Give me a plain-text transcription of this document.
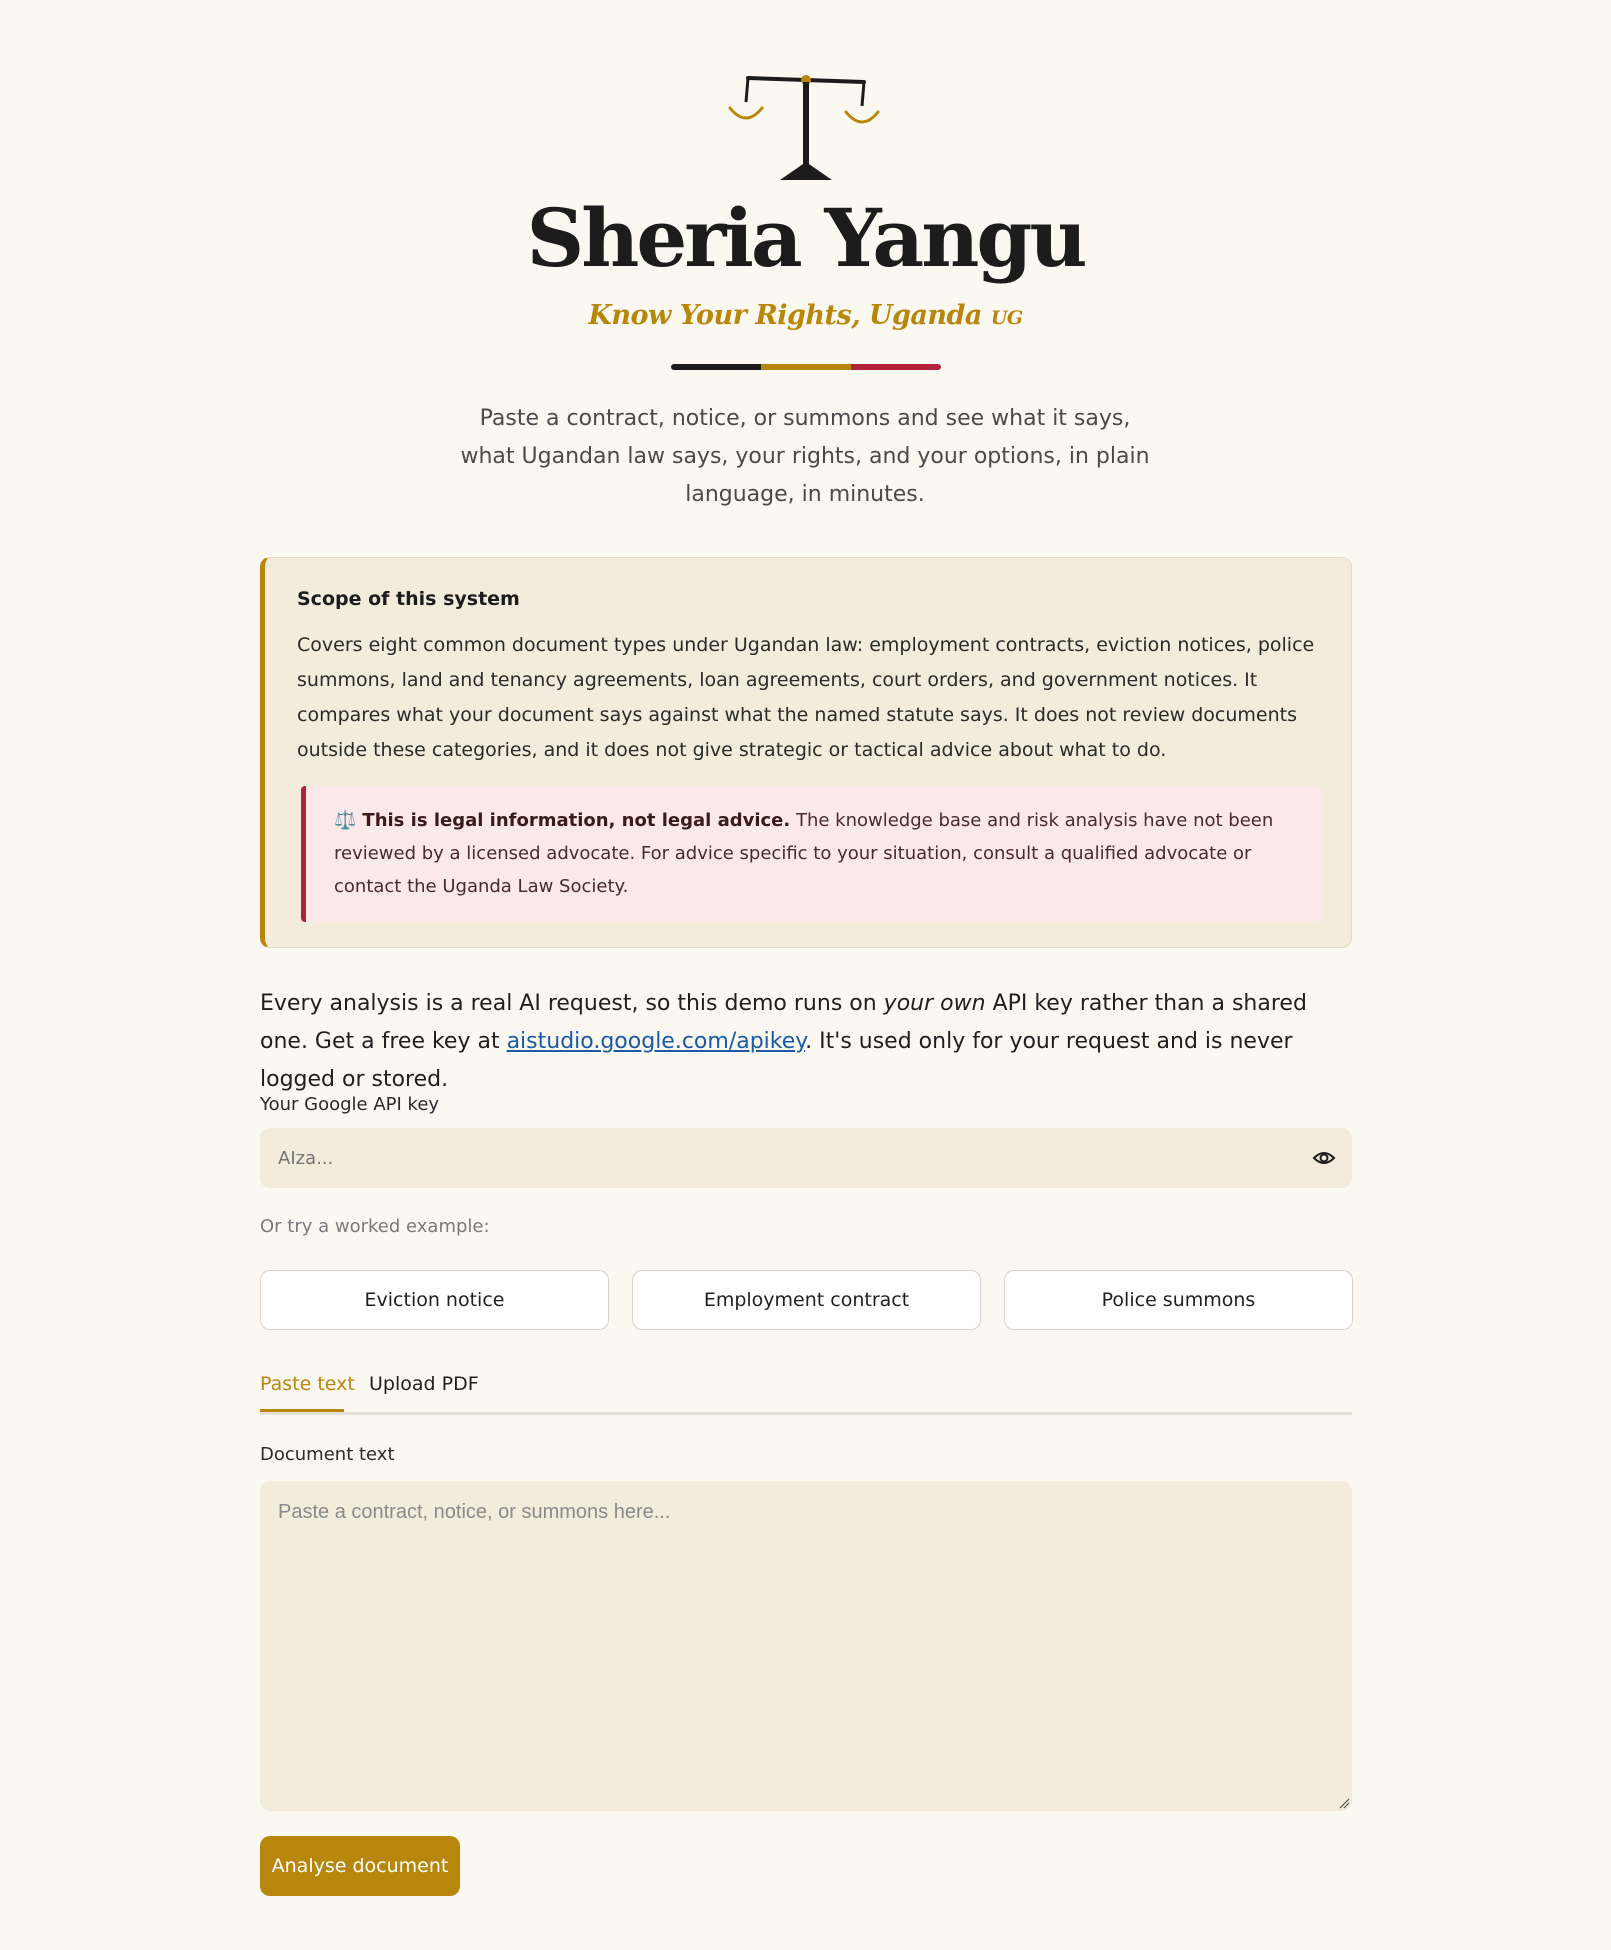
Sheria Yangu
Know Your Rights, Uganda UG
Paste a contract, notice, or summons and see what it says, what Ugandan law says, your rights, and your options, in plain language, in minutes.
Scope of this system
Covers eight common document types under Ugandan law: employment contracts, eviction notices, police summons, land and tenancy agreements, loan agreements, court orders, and government notices. It compares what your document says against what the named statute says. It does not review documents outside these categories, and it does not give strategic or tactical advice about what to do.
⚖️ This is legal information, not legal advice. The knowledge base and risk analysis have not been reviewed by a licensed advocate. For advice specific to your situation, consult a qualified advocate or contact the Uganda Law Society.
Every analysis is a real AI request, so this demo runs on your own API key rather than a shared one. Get a free key at aistudio.google.com/apikey. It's used only for your request and is never logged or stored.
Your Google API key
Or try a worked example:
Eviction notice	Employment contract	Police summons
Paste text Upload PDF
Document text
Paste a contract, notice, or summons here...
Analyse document
